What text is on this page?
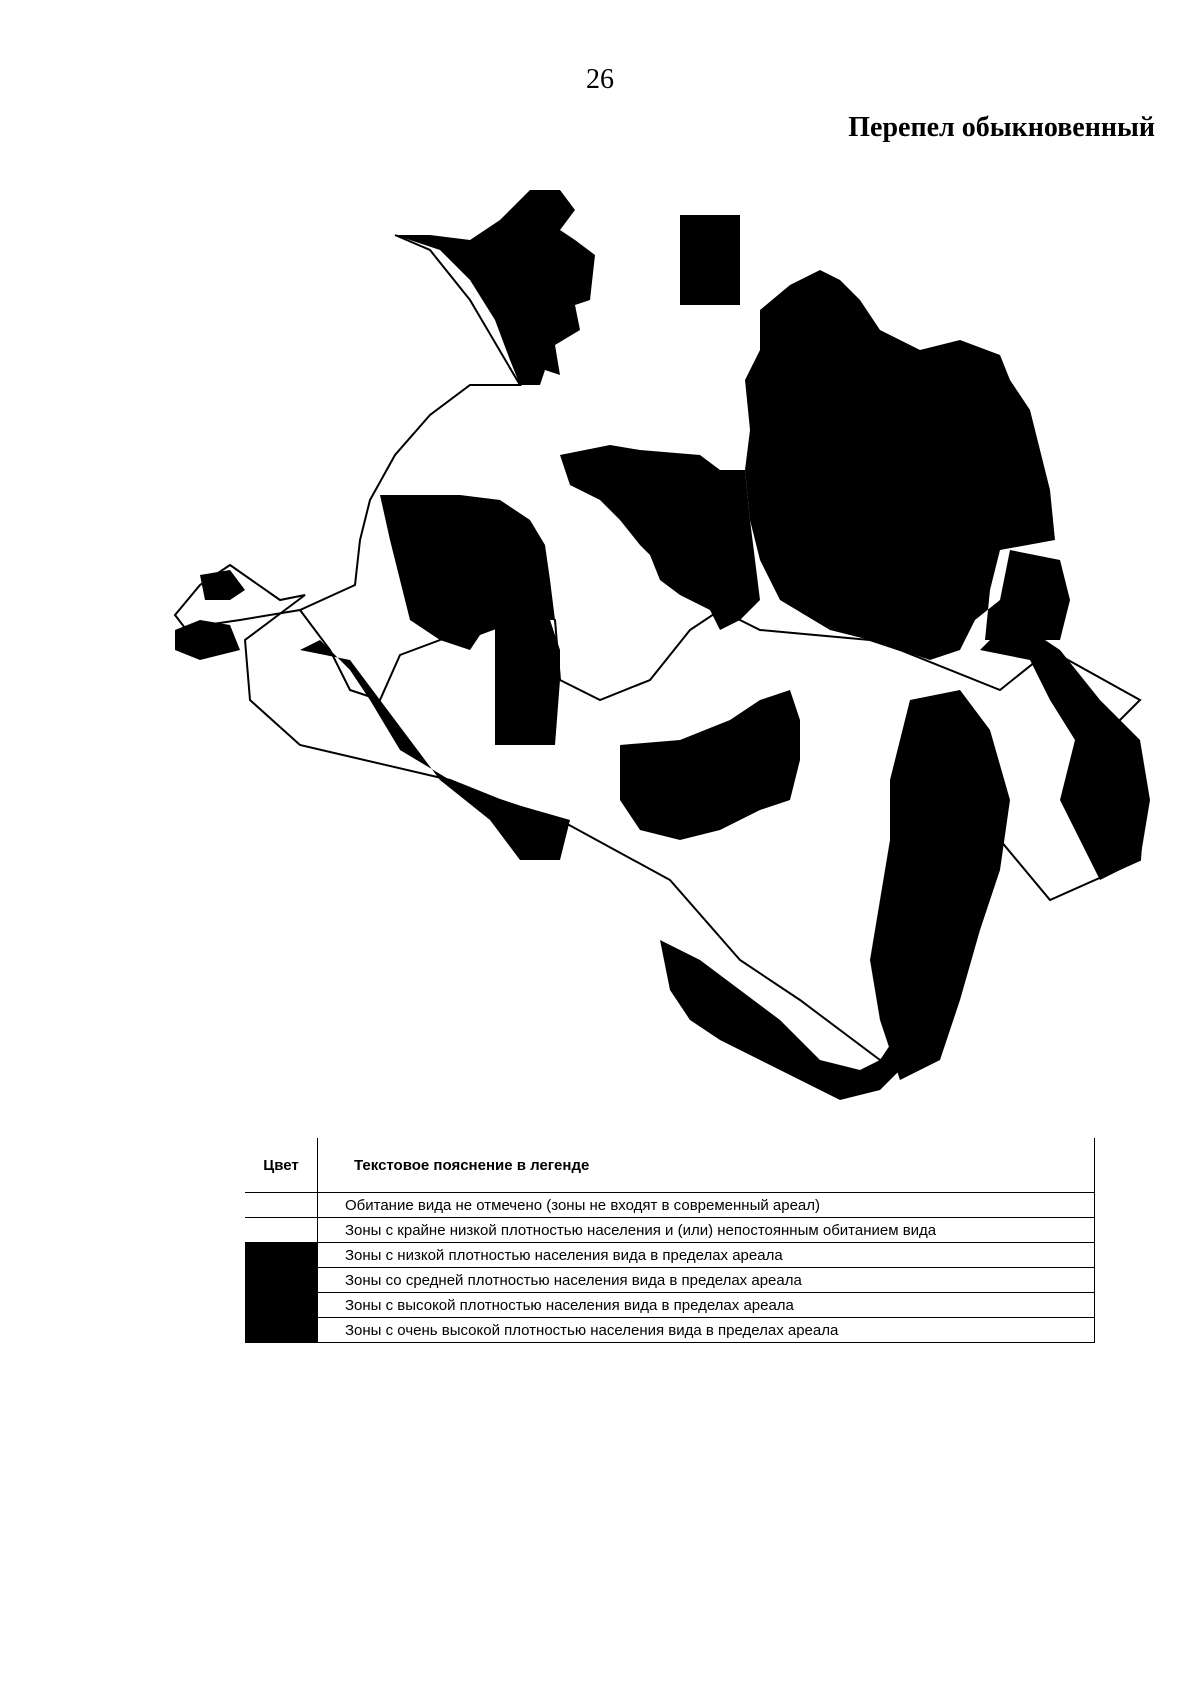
26
Перепел обыкновенный
Цвет	Текстовое пояснение в легенде

	Обитание вида не отмечено (зоны не входят в современный ареал)

	Зоны с крайне низкой плотностью населения и (или) непостоянным обитанием вида

	Зоны с низкой плотностью населения вида в пределах ареала

	Зоны со средней плотностью населения вида в пределах ареала

	Зоны с высокой плотностью населения вида в пределах ареала

	Зоны с очень высокой плотностью населения вида в пределах ареала
